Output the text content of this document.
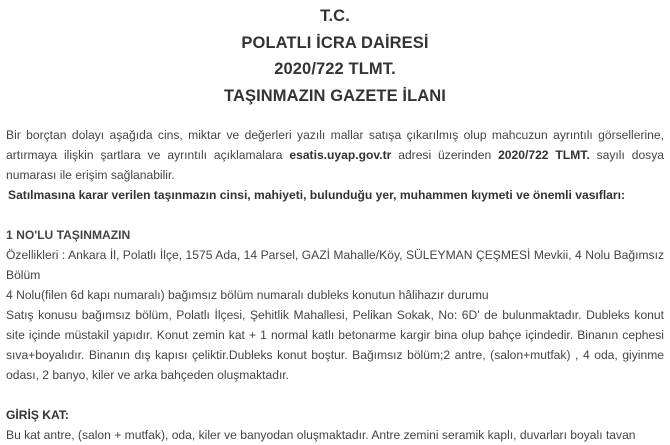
T.C.
POLATLI İCRA DAİRESİ
2020/722 TLMT.
TAŞINMAZIN GAZETE İLANI
Bir borçtan dolayı aşağıda cins, miktar ve değerleri yazılı mallar satışa çıkarılmış olup mahcuzun ayrıntılı görsellerine, artırmaya ilişkin şartlara ve ayrıntılı açıklamalara esatis.uyap.gov.tr adresi üzerinden 2020/722 TLMT. sayılı dosya numarası ile erişim sağlanabilir.
Satılmasına karar verilen taşınmazın cinsi, mahiyeti, bulunduğu yer, muhammen kıymeti ve önemli vasıfları:
1 NO'LU TAŞINMAZIN

Özellikleri : Ankara İl, Polatlı İlçe, 1575 Ada, 14 Parsel, GAZİ Mahalle/Köy, SÜLEYMAN ÇEŞMESİ Mevkii, 4 Nolu Bağımsız Bölüm

4 Nolu(filen 6d kapı numaralı) bağımsız bölüm numaralı dubleks konutun hâlihazır durumu

Satış konusu bağımsız bölüm, Polatlı İlçesi, Şehitlik Mahallesi, Pelikan Sokak, No: 6D' de bulunmaktadır. Dubleks konut site içinde müstakil yapıdır. Konut zemin kat + 1 normal katlı betonarme kargir bina olup bahçe içindedir. Binanın cephesi sıva+boyalıdır. Binanın dış kapısı çeliktir.Dubleks konut boştur. Bağımsız bölüm;2 antre, (salon+mutfak) , 4 oda, giyinme odası, 2 banyo, kiler ve arka bahçeden oluşmaktadır.

GİRİŞ KAT:

Bu kat antre, (salon + mutfak), oda, kiler ve banyodan oluşmaktadır. Antre zemini seramik kaplı, duvarları boyalı tavan
